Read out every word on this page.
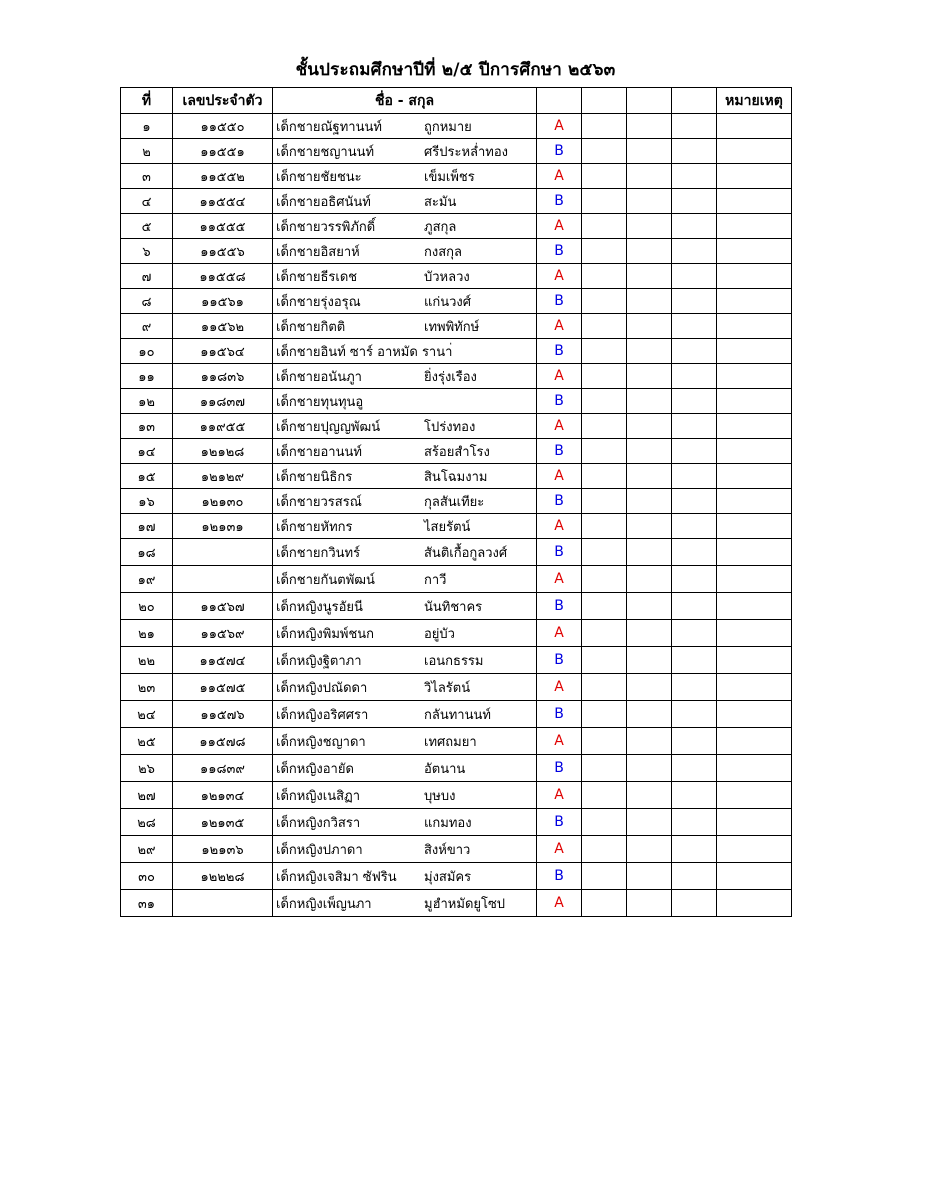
ชั้นประถมศึกษาปีที่ ๒/๕ ปีการศึกษา ๒๕๖๓
ที่	เลขประจำตัว	ชื่อ - สกุล					หมายเหตุ
๑	๑๑๕๕๐	เด็กชายณัฐทานนท์ ถูกหมาย	A				
๒	๑๑๕๕๑	เด็กชายชญานนท์ ศรีประหล่ำทอง	B				
๓	๑๑๕๕๒	เด็กชายชัยชนะ เข็มเพ็ชร	A				
๔	๑๑๕๕๔	เด็กชายอธิศนันท์ สะมัน	B				
๕	๑๑๕๕๕	เด็กชายวรรพิภักดิ์ ภูสกุล	A				
๖	๑๑๕๕๖	เด็กชายอิสยาห์ กงสกุล	B				
๗	๑๑๕๕๘	เด็กชายธีรเดช บัวหลวง	A				
๘	๑๑๕๖๑	เด็กชายรุ่งอรุณ แก่นวงศ์	B				
๙	๑๑๕๖๒	เด็กชายกิตติ เทพพิทักษ์	A				
๑๐	๑๑๕๖๔	เด็กชายอินท์ ซาร์ อาหมัด รานา่	B				
๑๑	๑๑๘๓๖	เด็กชายอนันภูา ยิ่งรุ่งเรือง	A				
๑๒	๑๑๘๓๗	เด็กชายทุนทุนอู	B				
๑๓	๑๑๙๕๕	เด็กชายปุญญพัฒน์ โปร่งทอง	A				
๑๔	๑๒๑๒๘	เด็กชายอานนท์ สร้อยสำโรง	B				
๑๕	๑๒๑๒๙	เด็กชายนิธิกร สินโฉมงาม	A				
๑๖	๑๒๑๓๐	เด็กชายวรสรณ์ กุลสันเทียะ	B				
๑๗	๑๒๑๓๑	เด็กชายหัทกร ไสยรัตน์	A				
๑๘		เด็กชายกวินทร์ สันติเกื้อกูลวงศ์	B				
๑๙		เด็กชายกันตพัฒน์ กาวี	A				
๒๐	๑๑๕๖๗	เด็กหญิงนูรอัยนี นันทิชาคร	B				
๒๑	๑๑๕๖๙	เด็กหญิงพิมพ์ชนก อยู่บัว	A				
๒๒	๑๑๕๗๔	เด็กหญิงฐิตาภา เอนกธรรม	B				
๒๓	๑๑๕๗๕	เด็กหญิงปณัดดา วิไลรัตน์	A				
๒๔	๑๑๕๗๖	เด็กหญิงอริศศรา กลันทานนท์	B				
๒๕	๑๑๕๗๘	เด็กหญิงชญาดา เทศถมยา	A				
๒๖	๑๑๘๓๙	เด็กหญิงอายัด อัตนาน	B				
๒๗	๑๒๑๓๔	เด็กหญิงเนสิฏา บุษบง	A				
๒๘	๑๒๑๓๕	เด็กหญิงกวิสรา แกมทอง	B				
๒๙	๑๒๑๓๖	เด็กหญิงปภาดา สิงห์ขาว	A				
๓๐	๑๒๒๒๘	เด็กหญิงเจสิมา ซัฟริน มุ่งสมัคร	B				
๓๑		เด็กหญิงเพ็ญนภา มูฮำหมัดยูโซป	A				
